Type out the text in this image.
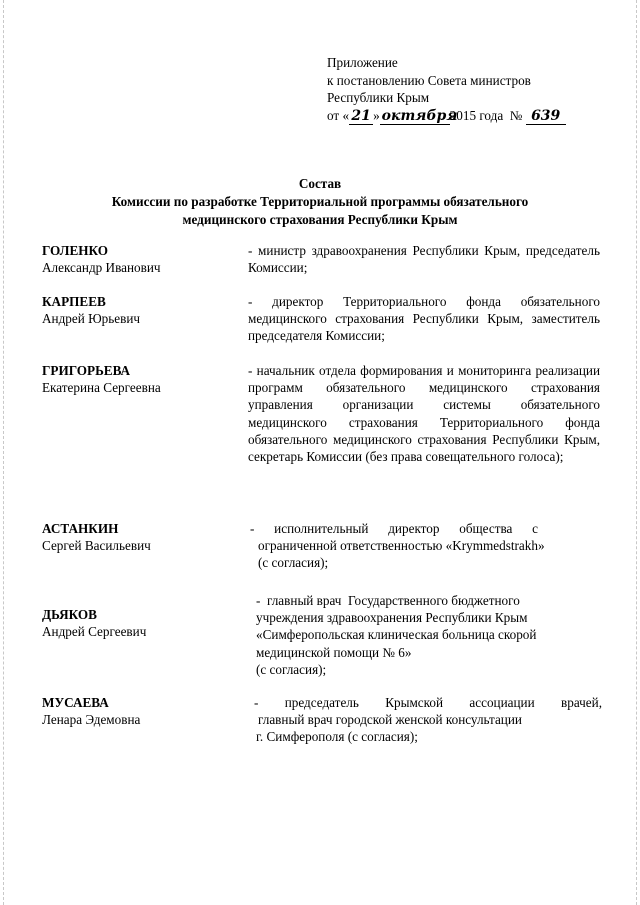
Приложение
к постановлению Совета министров
Республики Крым
от « 21 » октября2015 года № 639
Состав
Комиссии по разработке Территориальной программы обязательного
медицинского страхования Республики Крым
ГОЛЕНКО
Александр Иванович
- министр здравоохранения Республики Крым, председатель Комиссии;
КАРПЕЕВ
Андрей Юрьевич
- директор Территориального фонда обязательного медицинского страхования Республики Крым, заместитель председателя Комиссии;
ГРИГОРЬЕВА
Екатерина Сергеевна
- начальник отдела формирования и мониторинга реализации программ обязательного медицинского страхования управления организации системы обязательного медицинского страхования Территориального фонда обязательного медицинского страхования Республики Крым, секретарь Комиссии (без права совещательного голоса);
АСТАНКИН
Сергей Васильевич
-      исполнительный      директор      общества      с
ограниченной ответственностью «Krymmedstrakh»
(с согласия);
ДЬЯКОВ
Андрей Сергеевич
-  главный врач  Государственного бюджетного
учреждения здравоохранения Республики Крым
«Симферопольская клиническая больница скорой
медицинской помощи № 6»
(с согласия);
МУСАЕВА
Ленара Эдемовна
- председатель Крымской ассоциации врачей,
главный врач городской женской консультации
г. Симферополя (с согласия);
